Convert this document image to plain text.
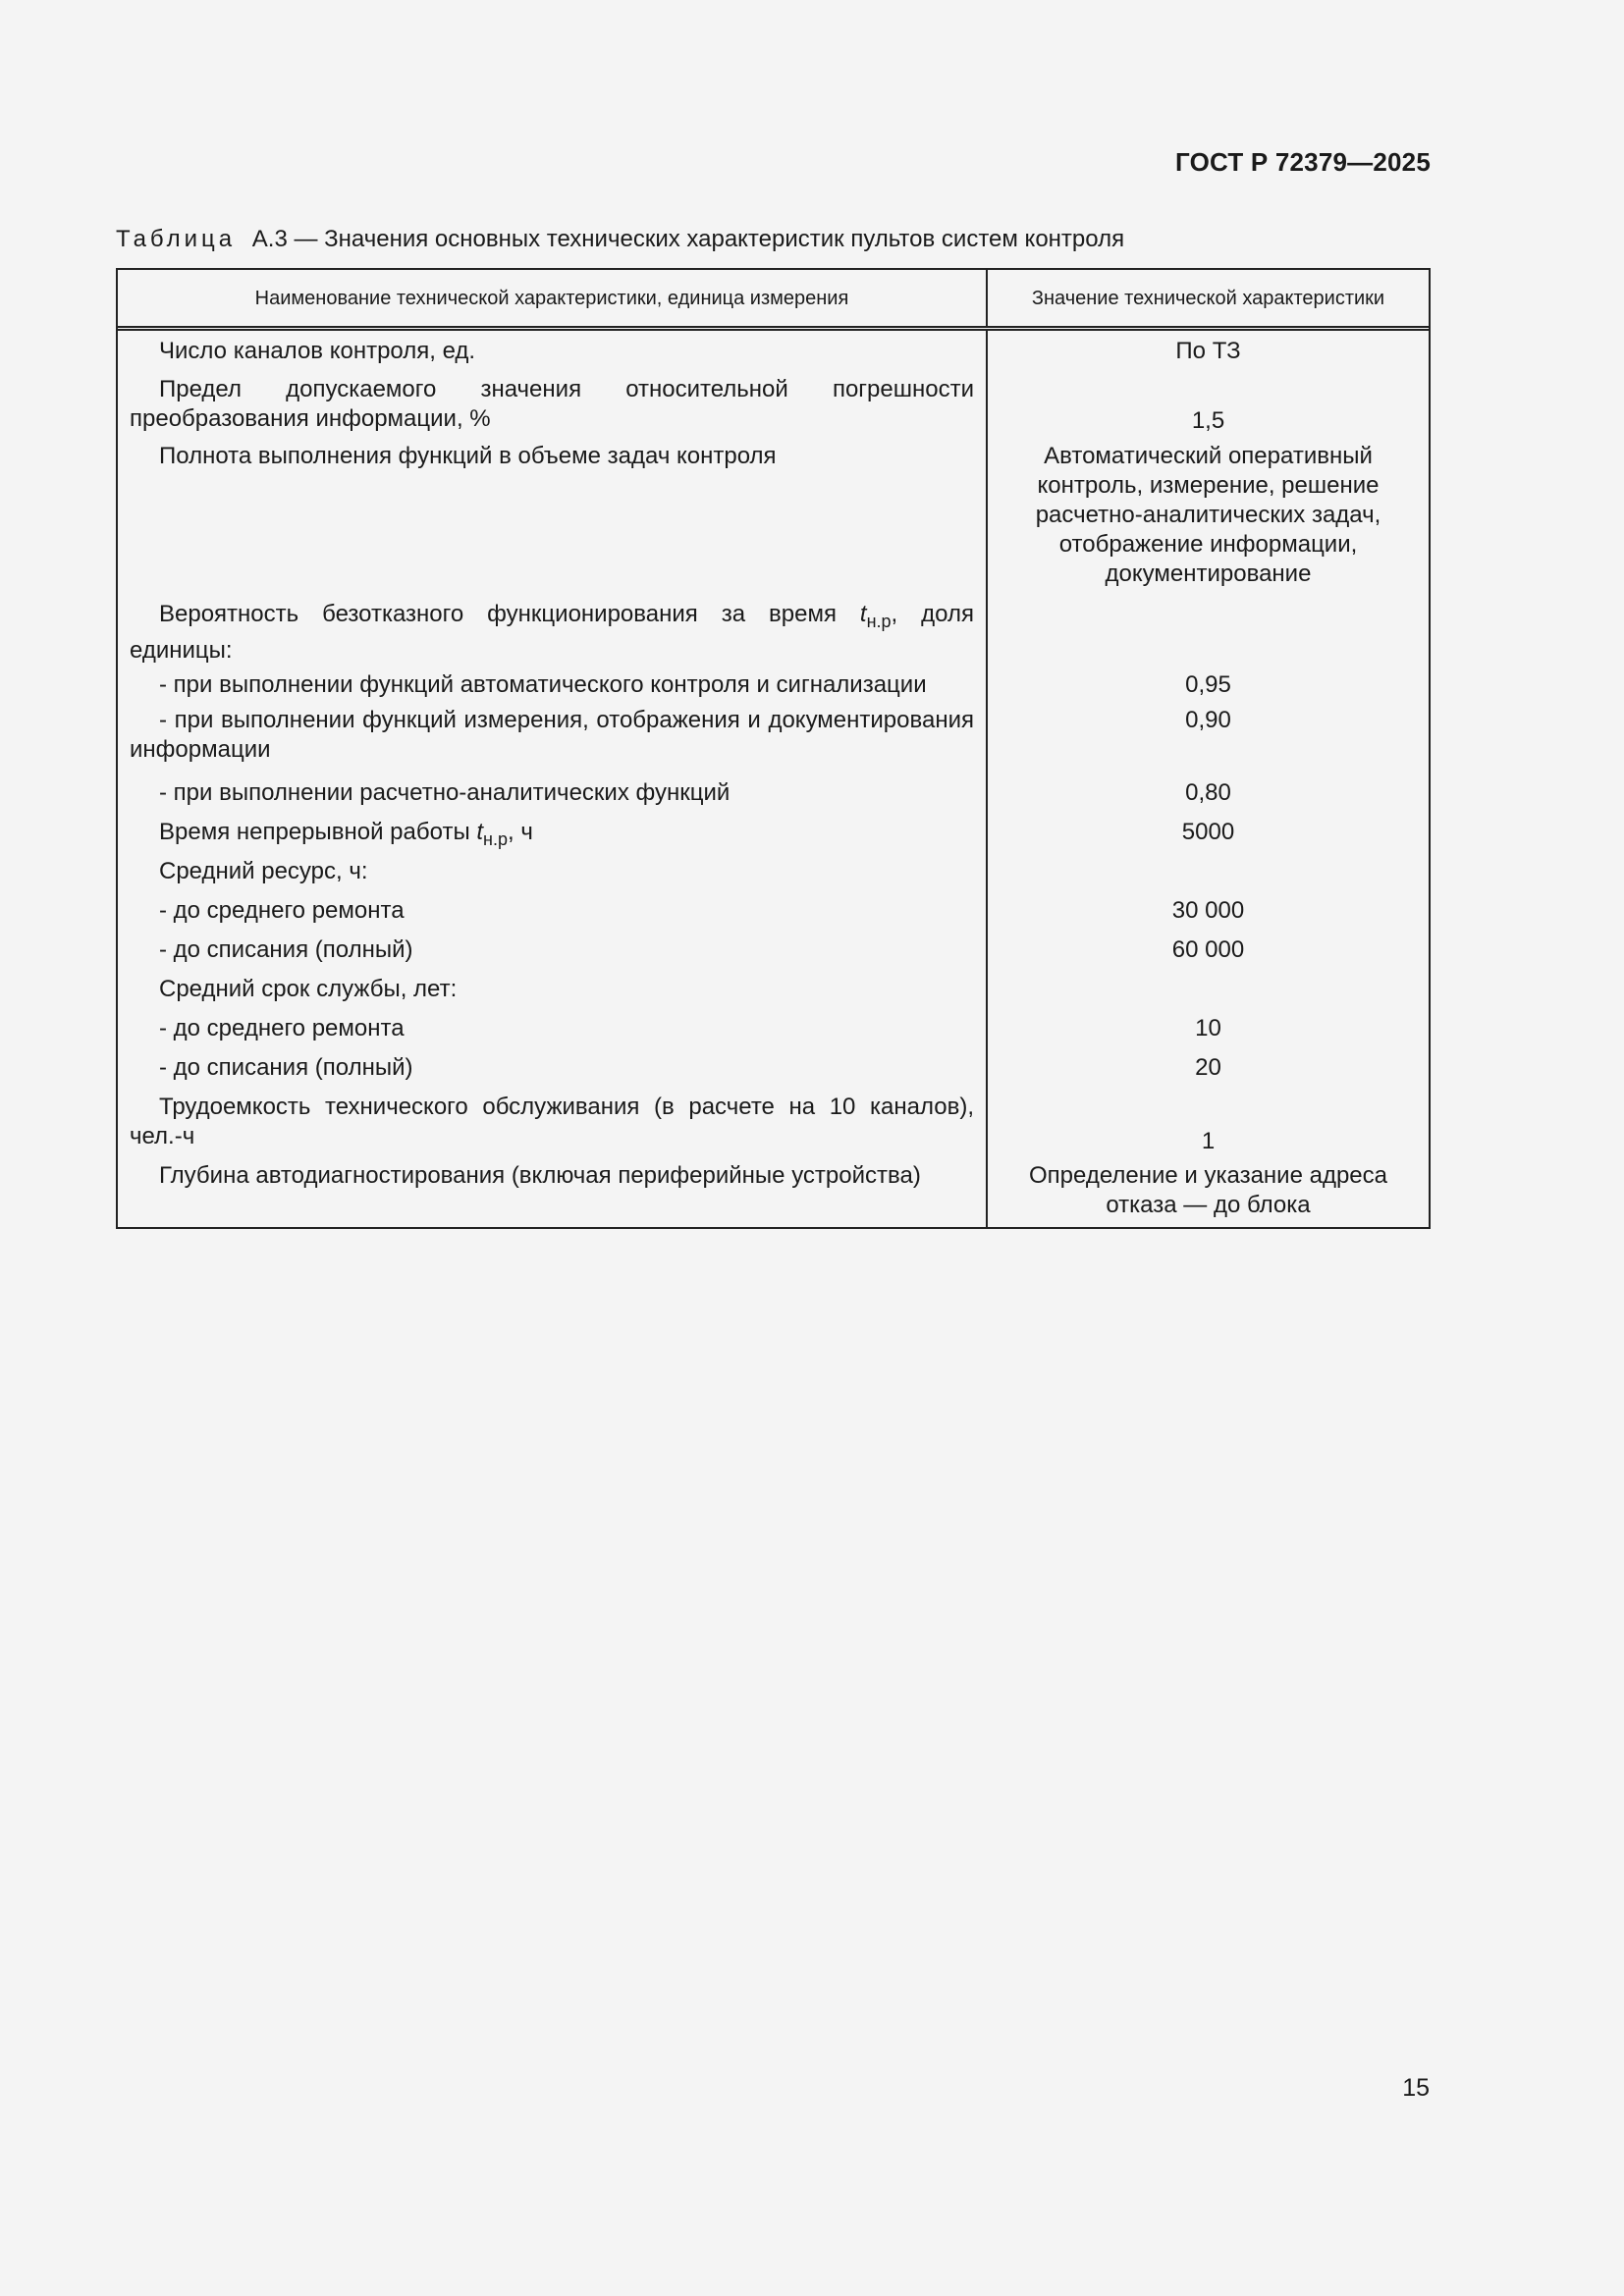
ГОСТ Р 72379—2025
Таблица А.3 — Значения основных технических характеристик пультов систем контроля
Наименование технической характеристики, единица измерения	Значение технической характеристики
Число каналов контроля, ед.
Предел допускаемого значения относительной погрешности преобразования информации, %
Полнота выполнения функций в объеме задач контроля
Вероятность безотказного функционирования за время $t_{н.р}$, доля единицы:
- при выполнении функций автоматического контроля и сигнализации
- при выполнении функций измерения, отображения и документирования информации
- при выполнении расчетно-аналитических функций
Время непрерывной работы $t_{н.р}$, ч
Средний ресурс, ч:
- до среднего ремонта
- до списания (полный)
Средний срок службы, лет:
- до среднего ремонта
- до списания (полный)
Трудоемкость технического обслуживания (в расчете на 10 каналов), чел.-ч
Глубина автодиагностирования (включая периферийные устройства)
По ТЗ
1,5
Автоматический оперативный контроль, измерение, решение расчетно-аналитических задач, отображение информации, документирование
0,95
0,90
0,80
5000
30 000
60 000
10
20
1
Определение и указание адреса отказа — до блока
15
